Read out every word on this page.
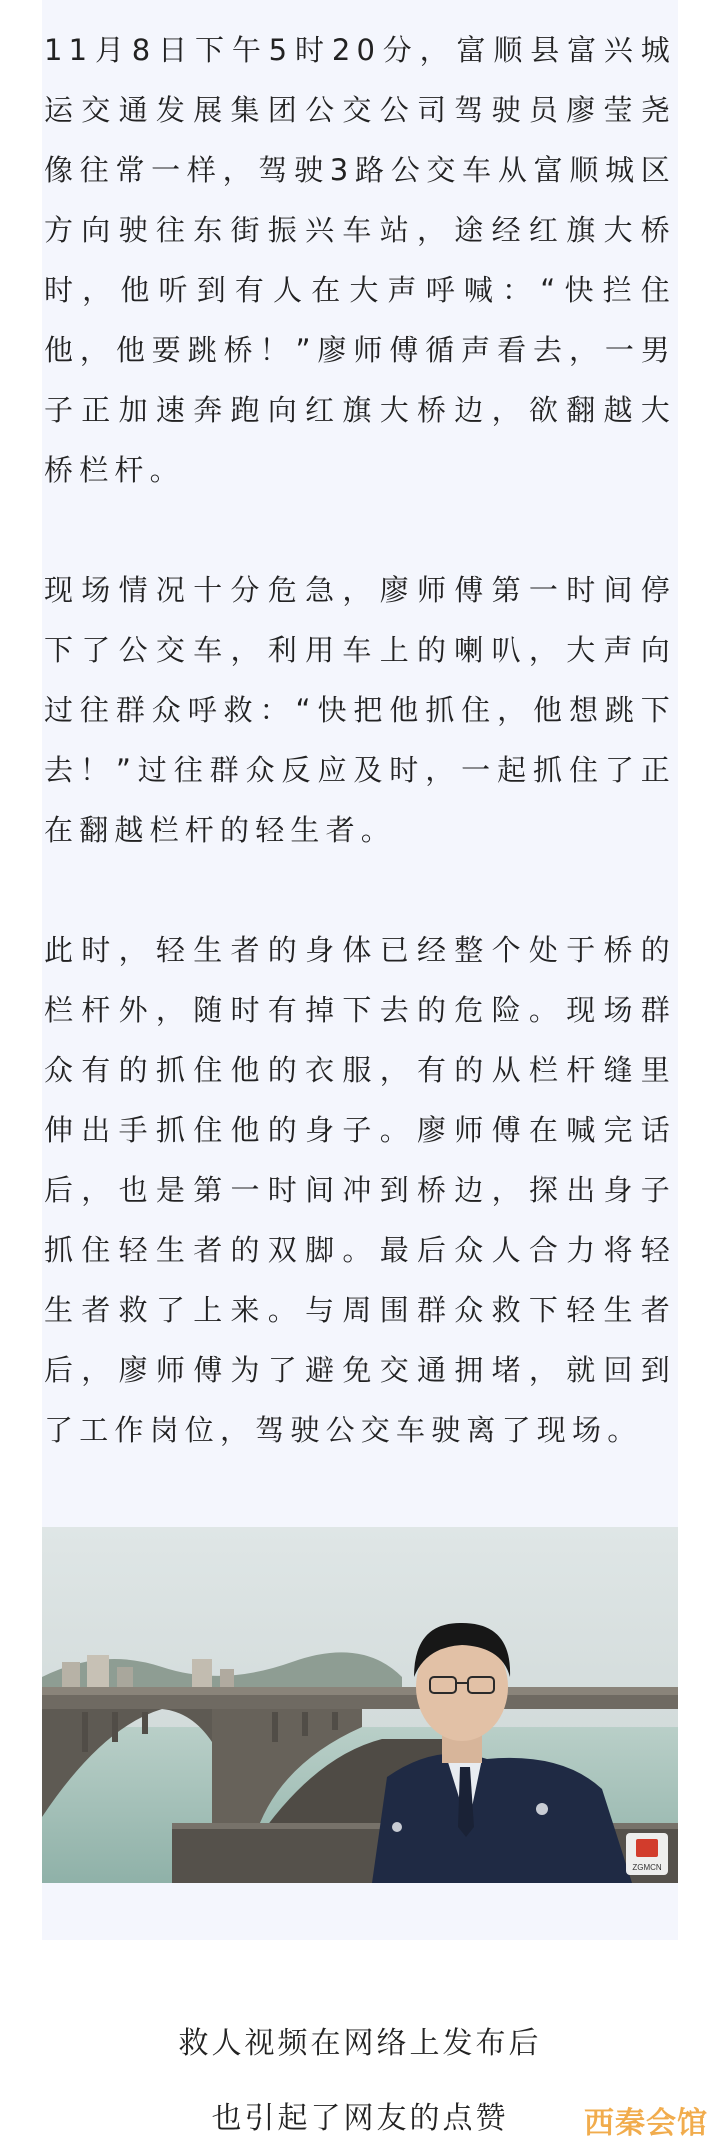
11月8日下午5时20分，富顺县富兴城运交通发展集团公交公司驾驶员廖莹尧像往常一样，驾驶3路公交车从富顺城区方向驶往东街振兴车站，途经红旗大桥时，他听到有人在大声呼喊：“快拦住他，他要跳桥！”廖师傅循声看去，一男子正加速奔跑向红旗大桥边，欲翻越大桥栏杆。

现场情况十分危急，廖师傅第一时间停下了公交车，利用车上的喇叭，大声向过往群众呼救：“快把他抓住，他想跳下去！”过往群众反应及时，一起抓住了正在翻越栏杆的轻生者。

此时，轻生者的身体已经整个处于桥的栏杆外，随时有掉下去的危险。现场群众有的抓住他的衣服，有的从栏杆缝里伸出手抓住他的身子。廖师傅在喊完话后，也是第一时间冲到桥边，探出身子抓住轻生者的双脚。最后众人合力将轻生者救了上来。与周围群众救下轻生者后，廖师傅为了避免交通拥堵，就回到了工作岗位，驾驶公交车驶离了现场。

ZGMCN
救人视频在网络上发布后
也引起了网友的点赞	西秦会馆
